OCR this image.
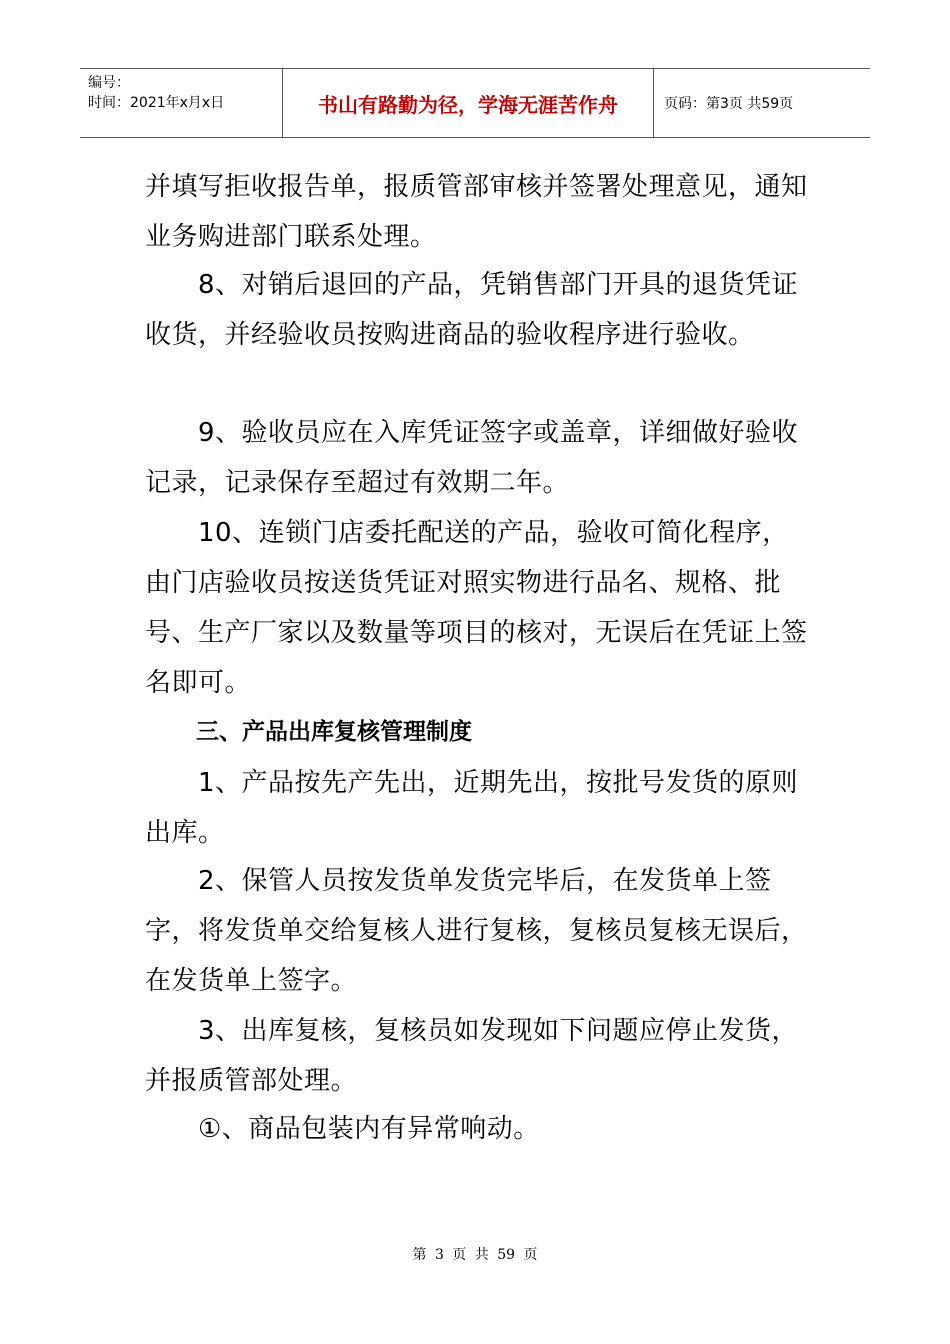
编号：
时间：2021年x月x日	书山有路勤为径，学海无涯苦作舟	页码：第3页 共59页
并填写拒收报告单，报质管部审核并签署处理意见，通知业务购进部门联系处理。
　　8、对销后退回的产品，凭销售部门开具的退货凭证收货，并经验收员按购进商品的验收程序进行验收。
　　9、验收员应在入库凭证签字或盖章，详细做好验收记录，记录保存至超过有效期二年。
　　10、连锁门店委托配送的产品，验收可简化程序，由门店验收员按送货凭证对照实物进行品名、规格、批号、生产厂家以及数量等项目的核对，无误后在凭证上签名即可。
三、产品出库复核管理制度
　　1、产品按先产先出，近期先出，按批号发货的原则出库。
　　2、保管人员按发货单发货完毕后，在发货单上签字，将发货单交给复核人进行复核，复核员复核无误后，在发货单上签字。
　　3、出库复核，复核员如发现如下问题应停止发货，并报质管部处理。
　　①、商品包装内有异常响动。
第 3 页 共 59 页
